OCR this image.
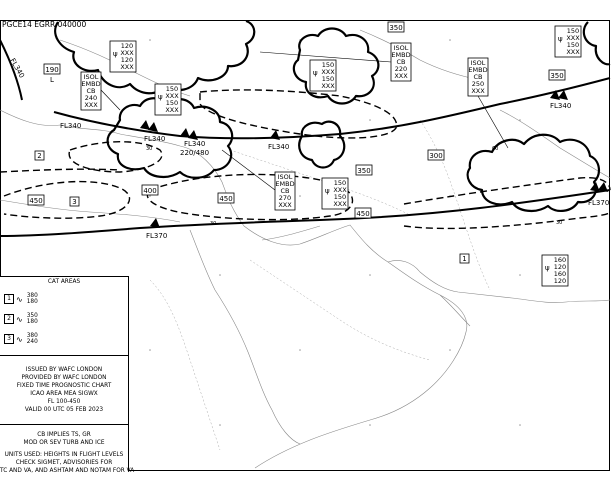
PGCE14 EGRR 040000
FL340
FL340
FL340	FL340
FL340
FL340
FL370
FL370
220/480
30
30
60
30
350
350
300
350
400
450
450
450
190
L	ISOL
EMBD
CB
240
XXX
ISOL
EMBD
CB
220
XXX
ISOL
EMBD
CB
250
XXX
ISOL
EMBD
CB
270
XXX
ψ
120
XXX
120
XXX
ψ
150
XXX
150
XXX
ψ
150
XXX
150
XXX
ψ
150
XXX
150
XXX
ψ
150
XXX
150
XXX
ψ
160
120
160
120
1
2
3
CAT AREAS
1 ∿ 380
180
2 ∿ 350
180
3 ∿ 380
240
ISSUED BY WAFC LONDON
PROVIDED BY WAFC LONDON
FIXED TIME PROGNOSTIC CHART
ICAO AREA MEA SIGWX
FL 100-450
VALID 00 UTC 05 FEB 2023
CB IMPLIES TS, GR
MOD OR SEV TURB AND ICE
UNITS USED: HEIGHTS IN FLIGHT LEVELS
CHECK SIGMET, ADVISORIES FOR
TC AND VA, AND ASHTAM AND NOTAM FOR VA
